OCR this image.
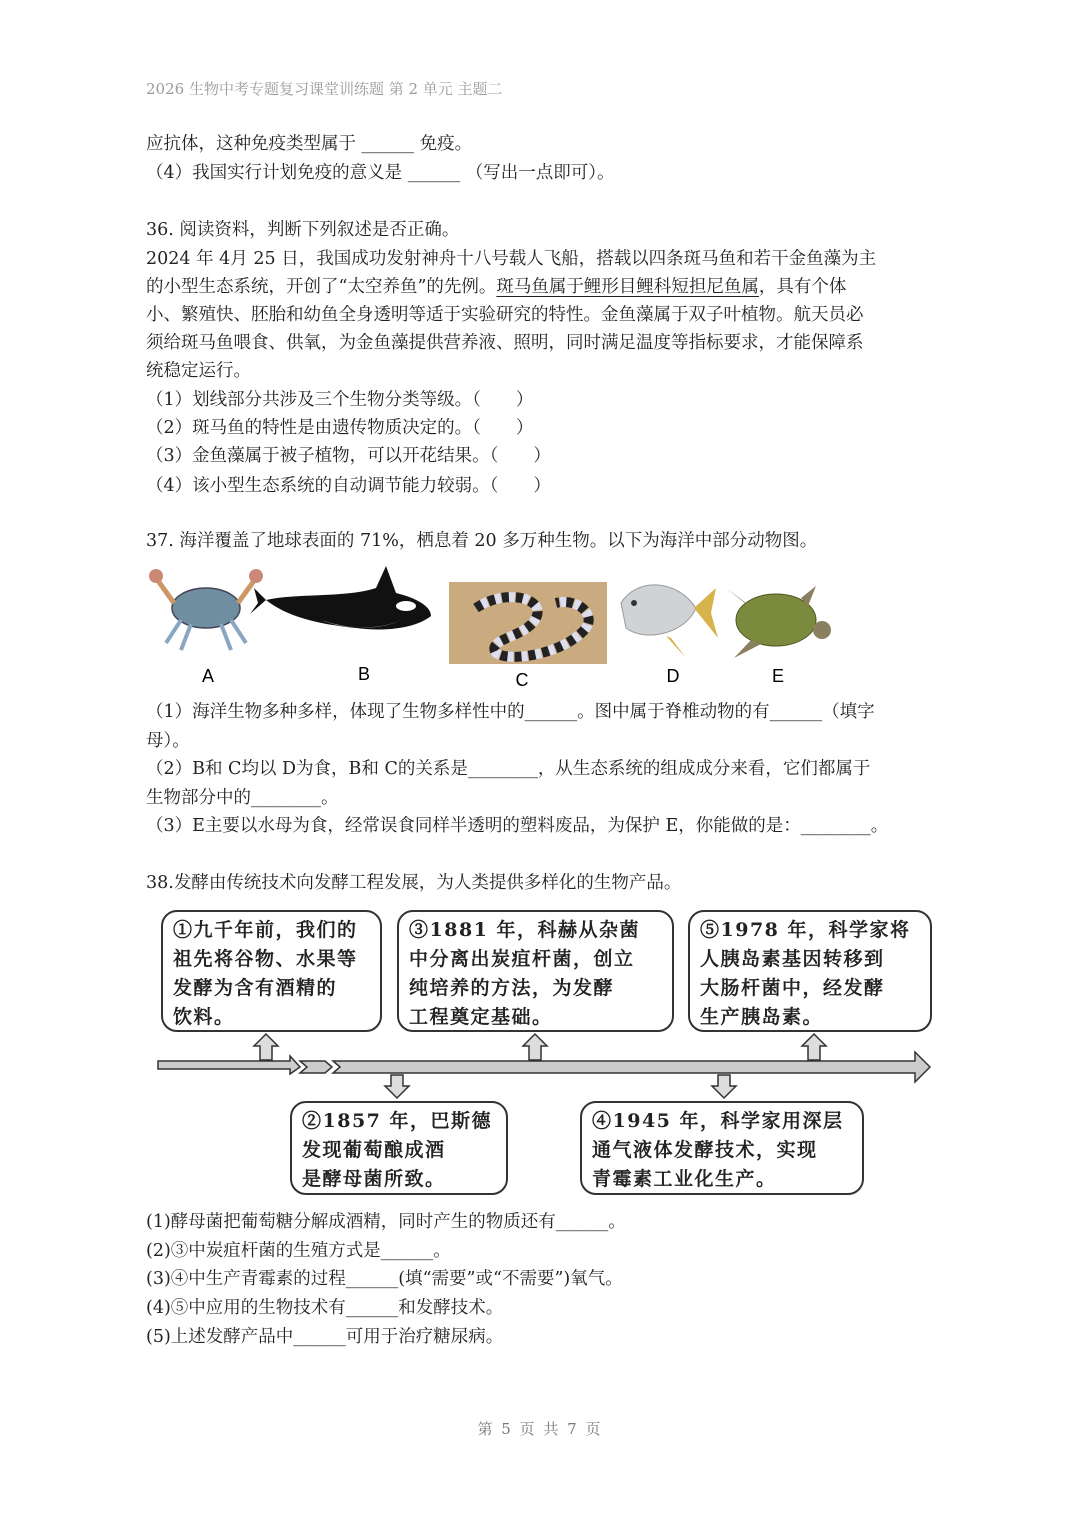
2026 生物中考专题复习课堂训练题 第 2 单元 主题二
应抗体，这种免疫类型属于 ______ 免疫。
（4）我国实行计划免疫的意义是 ______ （写出一点即可）。
36. 阅读资料，判断下列叙述是否正确。
2024 年 4月 25 日，我国成功发射神舟十八号载人飞船，搭载以四条斑马鱼和若干金鱼藻为主
的小型生态系统，开创了“太空养鱼”的先例。斑马鱼属于鲤形目鲤科短担尼鱼属，具有个体
小、繁殖快、胚胎和幼鱼全身透明等适于实验研究的特性。金鱼藻属于双子叶植物。航天员必
须给斑马鱼喂食、供氧，为金鱼藻提供营养液、照明，同时满足温度等指标要求，才能保障系
统稳定运行。
（1）划线部分共涉及三个生物分类等级。（　　）
（2）斑马鱼的特性是由遗传物质决定的。（　　）
（3）金鱼藻属于被子植物，可以开花结果。（　　）
（4）该小型生态系统的自动调节能力较弱。（　　）
37. 海洋覆盖了地球表面的 71%，栖息着 20 多万种生物。以下为海洋中部分动物图。
A	B	C	D	E
（1）海洋生物多种多样，体现了生物多样性中的______。图中属于脊椎动物的有______（填字
母）。
（2）B和 C均以 D为食，B和 C的关系是________，从生态系统的组成成分来看，它们都属于
生物部分中的________。
（3）E主要以水母为食，经常误食同样半透明的塑料废品，为保护 E，你能做的是：________。
38.发酵由传统技术向发酵工程发展，为人类提供多样化的生物产品。
①九千年前，我们的
祖先将谷物、水果等
发酵为含有酒精的
饮料。
③1881 年，科赫从杂菌
中分离出炭疽杆菌，创立
纯培养的方法，为发酵
工程奠定基础。
⑤1978 年，科学家将
人胰岛素基因转移到
大肠杆菌中，经发酵
生产胰岛素。
②1857 年，巴斯德
发现葡萄酿成酒
是酵母菌所致。
④1945 年，科学家用深层
通气液体发酵技术，实现
青霉素工业化生产。
(1)酵母菌把葡萄糖分解成酒精，同时产生的物质还有______。
(2)③中炭疽杆菌的生殖方式是______。
(3)④中生产青霉素的过程______(填“需要”或“不需要”)氧气。
(4)⑤中应用的生物技术有______和发酵技术。
(5)上述发酵产品中______可用于治疗糖尿病。
第 5 页 共 7 页
